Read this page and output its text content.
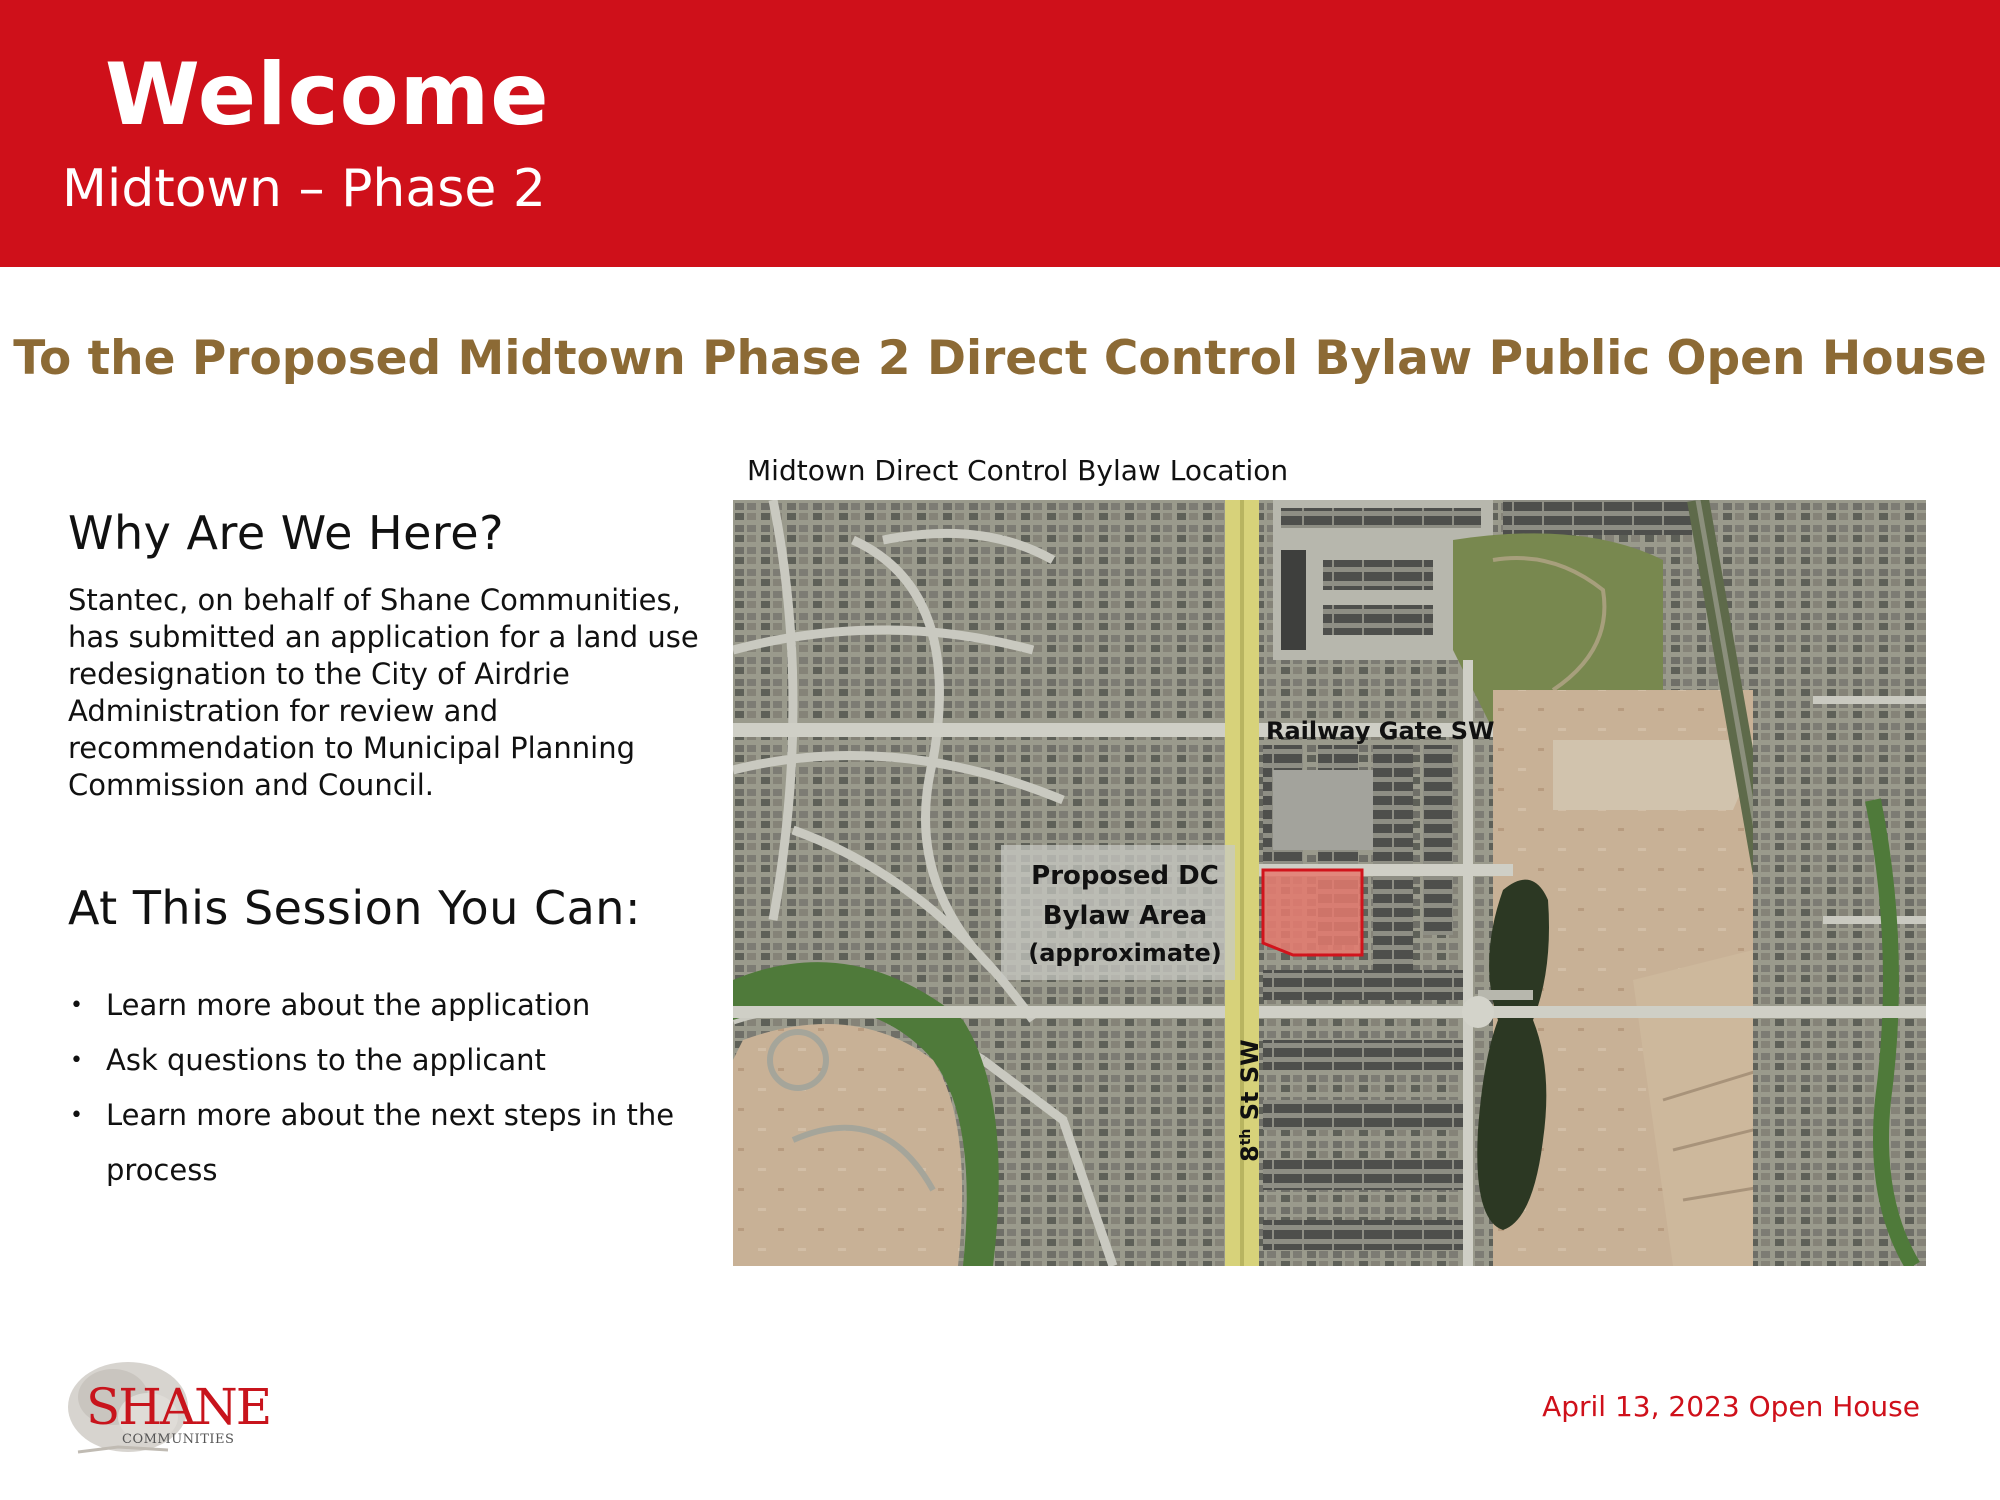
Welcome
Midtown – Phase 2
To the Proposed Midtown Phase 2 Direct Control Bylaw Public Open House
Midtown Direct Control Bylaw Location
Why Are We Here?

Stantec, on behalf of Shane Communities, has submitted an application for a land use redesignation to the City of Airdrie Administration for review and recommendation to Municipal Planning Commission and Council.

At This Session You Can:
• Learn more about the application
• Ask questions to the applicant
• Learn more about the next steps in the process
Railway Gate SW
Proposed DC
Bylaw Area
(approximate)
8th St SW
SHANE
COMMUNITIES
April 13, 2023 Open House
